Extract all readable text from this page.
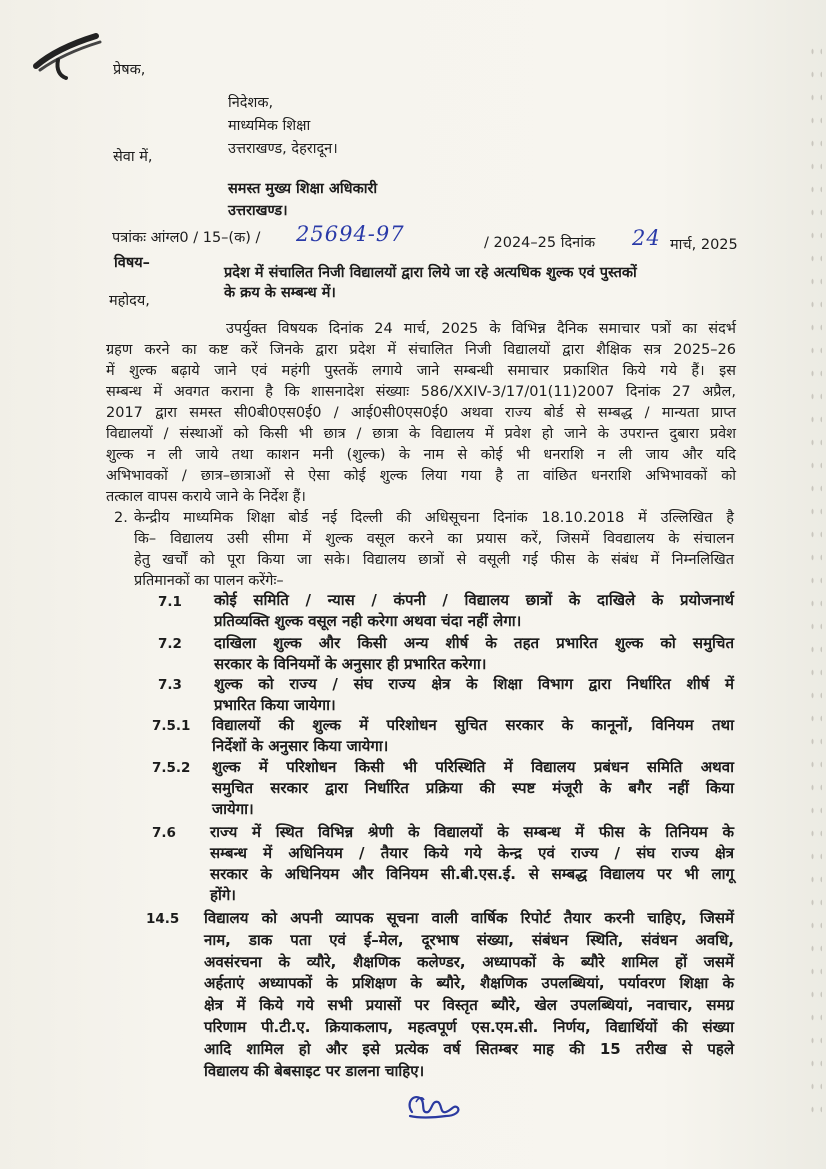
प्रेषक,
निदेशक,
माध्यमिक शिक्षा
उत्तराखण्ड, देहरादून।
सेवा में,
समस्त मुख्य शिक्षा अधिकारी
उत्तराखण्ड।
पत्रांकः आंग्ल0 / 15–(क) / 25694-97	/ 2024–25 दिनांक 24 मार्च, 2025
विषय–
प्रदेश में संचालित निजी विद्यालयों द्वारा लिये जा रहे अत्यधिक शुल्क एवं पुस्तकों
के क्रय के सम्बन्ध में।
महोदय,
उपर्युक्त विषयक दिनांक 24 मार्च, 2025 के विभिन्न दैनिक समाचार पत्रों का संदर्भ
ग्रहण करने का कष्ट करें जिनके द्वारा प्रदेश में संचालित निजी विद्यालयों द्वारा शैक्षिक सत्र 2025–26
में शुल्क बढ़ाये जाने एवं महंगी पुस्तकें लगाये जाने सम्बन्धी समाचार प्रकाशित किये गये हैं। इस
सम्बन्ध में अवगत कराना है कि शासनादेश संख्याः 586/XXIV-3/17/01(11)2007 दिनांक 27 अप्रैल,
2017 द्वारा समस्त सी0बी0एस0ई0 / आई0सी0एस0ई0 अथवा राज्य बोर्ड से सम्बद्ध / मान्यता प्राप्त
विद्यालयों / संस्थाओं को किसी भी छात्र / छात्रा के विद्यालय में प्रवेश हो जाने के उपरान्त दुबारा प्रवेश
शुल्क न ली जाये तथा काशन मनी (शुल्क) के नाम से कोई भी धनराशि न ली जाय और यदि
अभिभावकों / छात्र–छात्राओं से ऐसा कोई शुल्क लिया गया है ता वांछित धनराशि अभिभावकों को
तत्काल वापस कराये जाने के निर्देश हैं।
2. केन्द्रीय माध्यमिक शिक्षा बोर्ड नई दिल्ली की अधिसूचना दिनांक 18.10.2018 में उल्लिखित है
कि– विद्यालय उसी सीमा में शुल्क वसूल करने का प्रयास करें, जिसमें विवद्यालय के संचालन
हेतु खर्चों को पूरा किया जा सके। विद्यालय छात्रों से वसूली गई फीस के संबंध में निम्नलिखित
प्रतिमानकों का पालन करेंगेः–
7.1 कोई समिति / न्यास / कंपनी / विद्यालय छात्रों के दाखिले के प्रयोजनार्थ
प्रतिव्यक्ति शुल्क वसूल नही करेगा अथवा चंदा नहीं लेगा।
7.2 दाखिला शुल्क और किसी अन्य शीर्ष के तहत प्रभारित शुल्क को समुचित
सरकार के विनियमों के अनुसार ही प्रभारित करेगा।
7.3 शुल्क को राज्य / संघ राज्य क्षेत्र के शिक्षा विभाग द्वारा निर्धारित शीर्ष में
प्रभारित किया जायेगा।
7.5.1 विद्यालयों की शुल्क में परिशोधन सुचित सरकार के कानूनों, विनियम तथा
निर्देशों के अनुसार किया जायेगा।
7.5.2 शुल्क में परिशोधन किसी भी परिस्थिति में विद्यालय प्रबंधन समिति अथवा
समुचित सरकार द्वारा निर्धारित प्रक्रिया की स्पष्ट मंजूरी के बगैर नहीं किया
जायेगा।
7.6 राज्य में स्थित विभिन्न श्रेणी के विद्यालयों के सम्बन्ध में फीस के तिनियम के
सम्बन्ध में अधिनियम / तैयार किये गये केन्द्र एवं राज्य / संघ राज्य क्षेत्र
सरकार के अधिनियम और विनियम सी.बी.एस.ई. से सम्बद्ध विद्यालय पर भी लागू
होंगे।
14.5 विद्यालय को अपनी व्यापक सूचना वाली वार्षिक रिपोर्ट तैयार करनी चाहिए, जिसमें
नाम, डाक पता एवं ई–मेल, दूरभाष संख्या, संबंधन स्थिति, संवंधन अवधि,
अवसंरचना के व्यौरे, शैक्षणिक कलेण्डर, अध्यापकों के ब्यौरे शामिल हों जसमें
अर्हताएं अध्यापकों के प्रशिक्षण के ब्यौरे, शैक्षणिक उपलब्धियां, पर्यावरण शिक्षा के
क्षेत्र में किये गये सभी प्रयासों पर विस्तृत ब्यौरे, खेल उपलब्धियां, नवाचार, समग्र
परिणाम पी.टी.ए. क्रियाकलाप, महत्वपूर्ण एस.एम.सी. निर्णय, विद्यार्थियों की संख्या
आदि शामिल हो और इसे प्रत्येक वर्ष सितम्बर माह की 15 तरीख से पहले
विद्यालय की बेबसाइट पर डालना चाहिए।
